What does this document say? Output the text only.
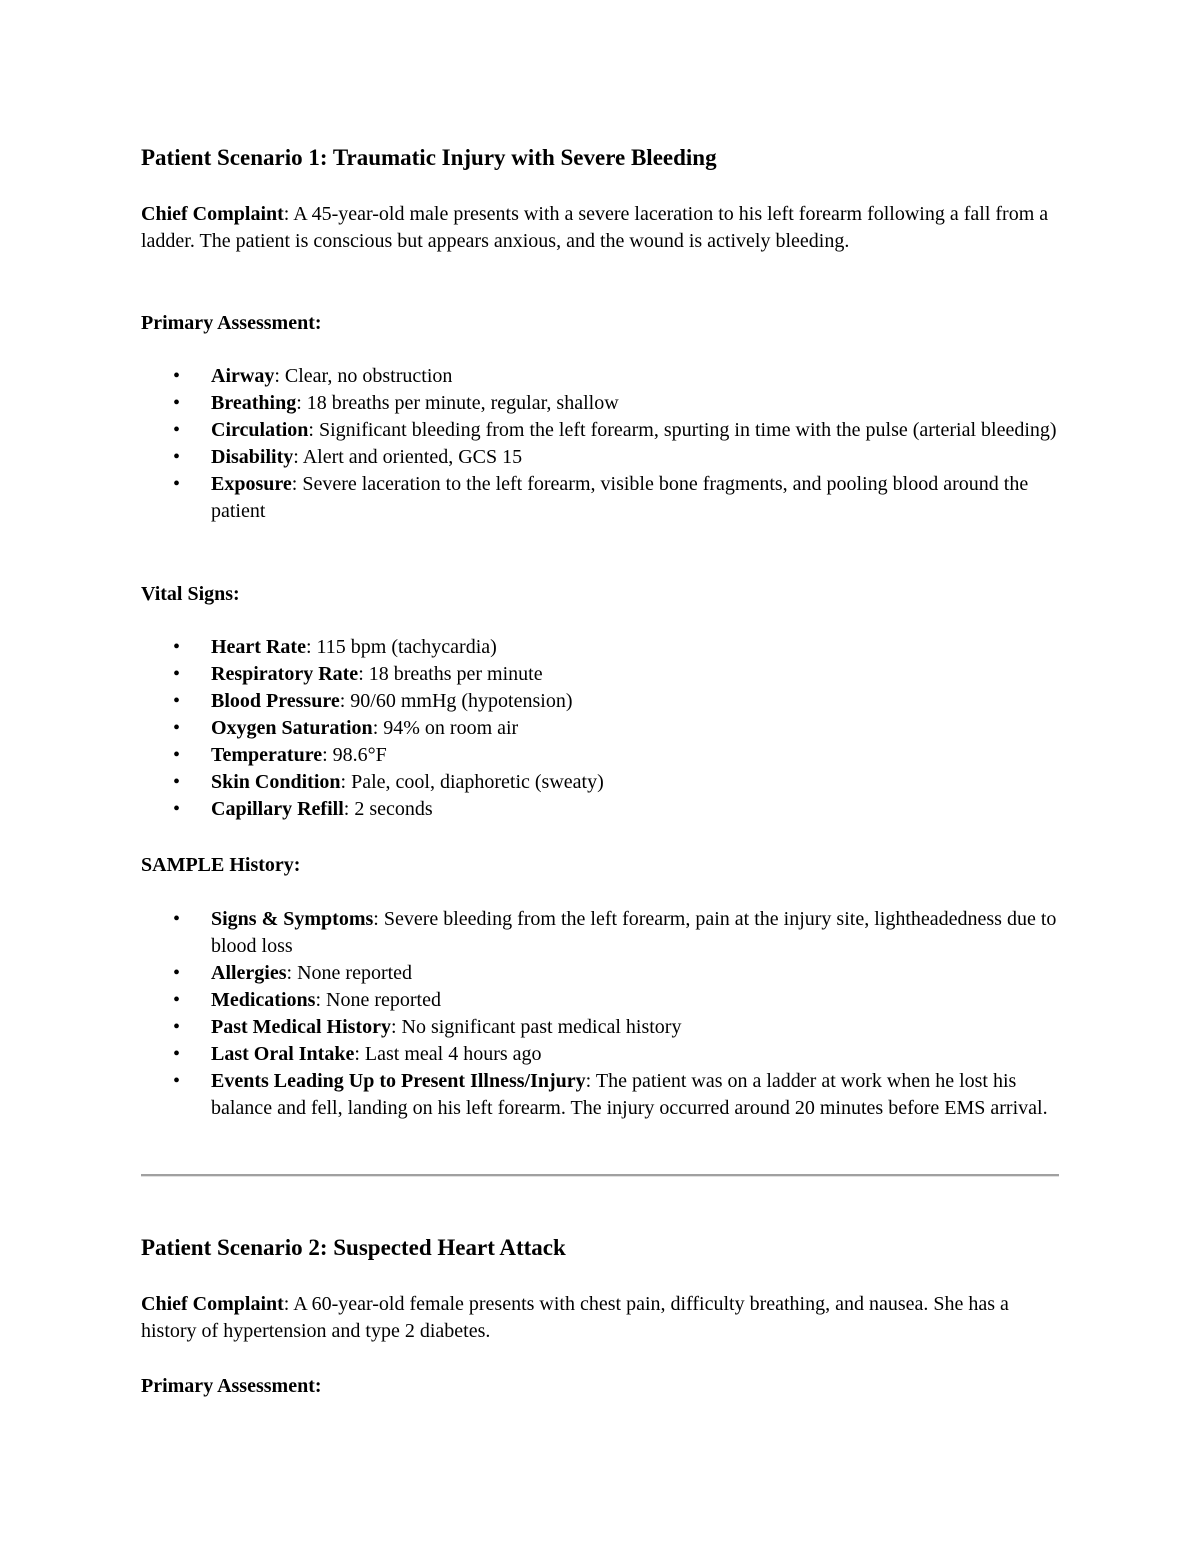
Patient Scenario 1: Traumatic Injury with Severe Bleeding

Chief Complaint: A 45-year-old male presents with a severe laceration to his left forearm following a fall from a ladder. The patient is conscious but appears anxious, and the wound is actively bleeding.

Primary Assessment:

• Airway: Clear, no obstruction
• Breathing: 18 breaths per minute, regular, shallow
• Circulation: Significant bleeding from the left forearm, spurting in time with the pulse (arterial bleeding)
• Disability: Alert and oriented, GCS 15
• Exposure: Severe laceration to the left forearm, visible bone fragments, and pooling blood around the patient

Vital Signs:

• Heart Rate: 115 bpm (tachycardia)
• Respiratory Rate: 18 breaths per minute
• Blood Pressure: 90/60 mmHg (hypotension)
• Oxygen Saturation: 94% on room air
• Temperature: 98.6°F
• Skin Condition: Pale, cool, diaphoretic (sweaty)
• Capillary Refill: 2 seconds

SAMPLE History:

• Signs & Symptoms: Severe bleeding from the left forearm, pain at the injury site, lightheadedness due to blood loss
• Allergies: None reported
• Medications: None reported
• Past Medical History: No significant past medical history
• Last Oral Intake: Last meal 4 hours ago
• Events Leading Up to Present Illness/Injury: The patient was on a ladder at work when he lost his balance and fell, landing on his left forearm. The injury occurred around 20 minutes before EMS arrival.
Patient Scenario 2: Suspected Heart Attack

Chief Complaint: A 60-year-old female presents with chest pain, difficulty breathing, and nausea. She has a history of hypertension and type 2 diabetes.

Primary Assessment:
